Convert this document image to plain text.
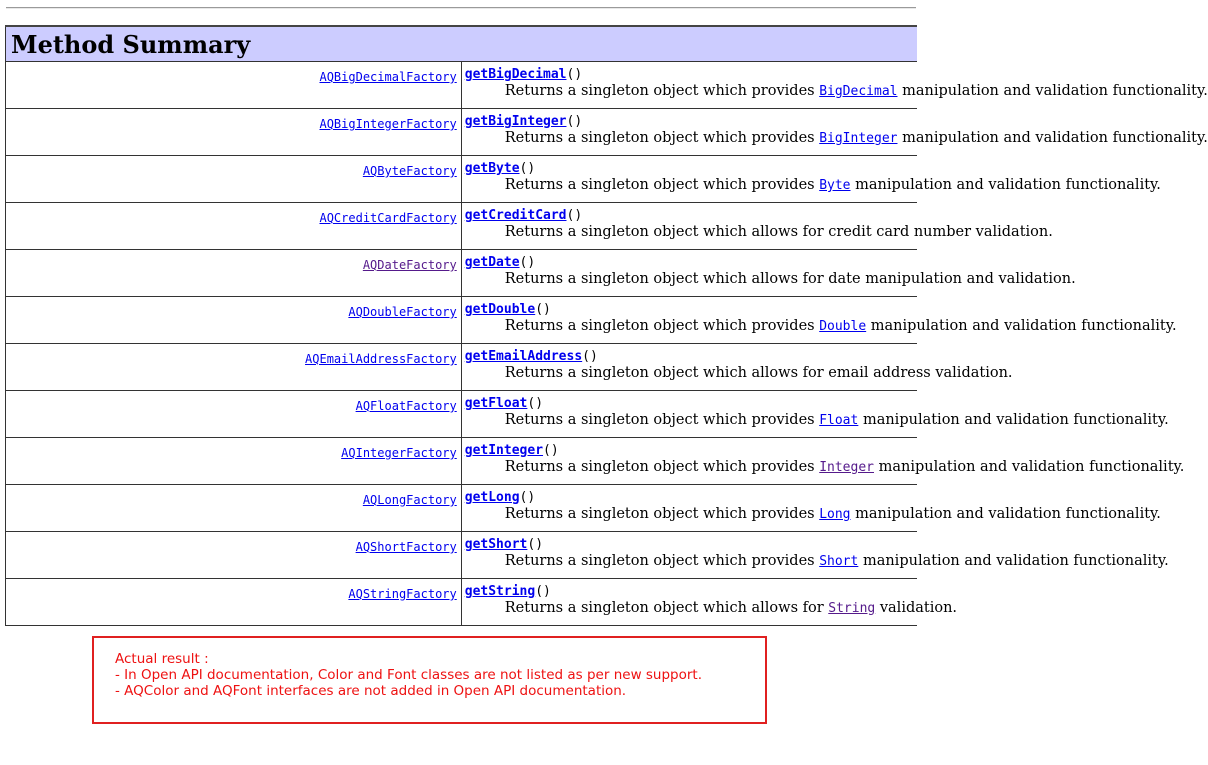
Method Summary	
AQBigDecimalFactory	getBigDecimal()
Returns a singleton object which provides BigDecimal manipulation and validation functionality.

AQBigIntegerFactory	getBigInteger()
Returns a singleton object which provides BigInteger manipulation and validation functionality.

AQByteFactory	getByte()
Returns a singleton object which provides Byte manipulation and validation functionality.

AQCreditCardFactory	getCreditCard()
Returns a singleton object which allows for credit card number validation.

AQDateFactory	getDate()
Returns a singleton object which allows for date manipulation and validation.

AQDoubleFactory	getDouble()
Returns a singleton object which provides Double manipulation and validation functionality.

AQEmailAddressFactory	getEmailAddress()
Returns a singleton object which allows for email address validation.

AQFloatFactory	getFloat()
Returns a singleton object which provides Float manipulation and validation functionality.

AQIntegerFactory	getInteger()
Returns a singleton object which provides Integer manipulation and validation functionality.

AQLongFactory	getLong()
Returns a singleton object which provides Long manipulation and validation functionality.

AQShortFactory	getShort()
Returns a singleton object which provides Short manipulation and validation functionality.

AQStringFactory	getString()
Returns a singleton object which allows for String validation.
Actual result :
- In Open API documentation, Color and Font classes are not listed as per new support.
- AQColor and AQFont interfaces are not added in Open API documentation.
